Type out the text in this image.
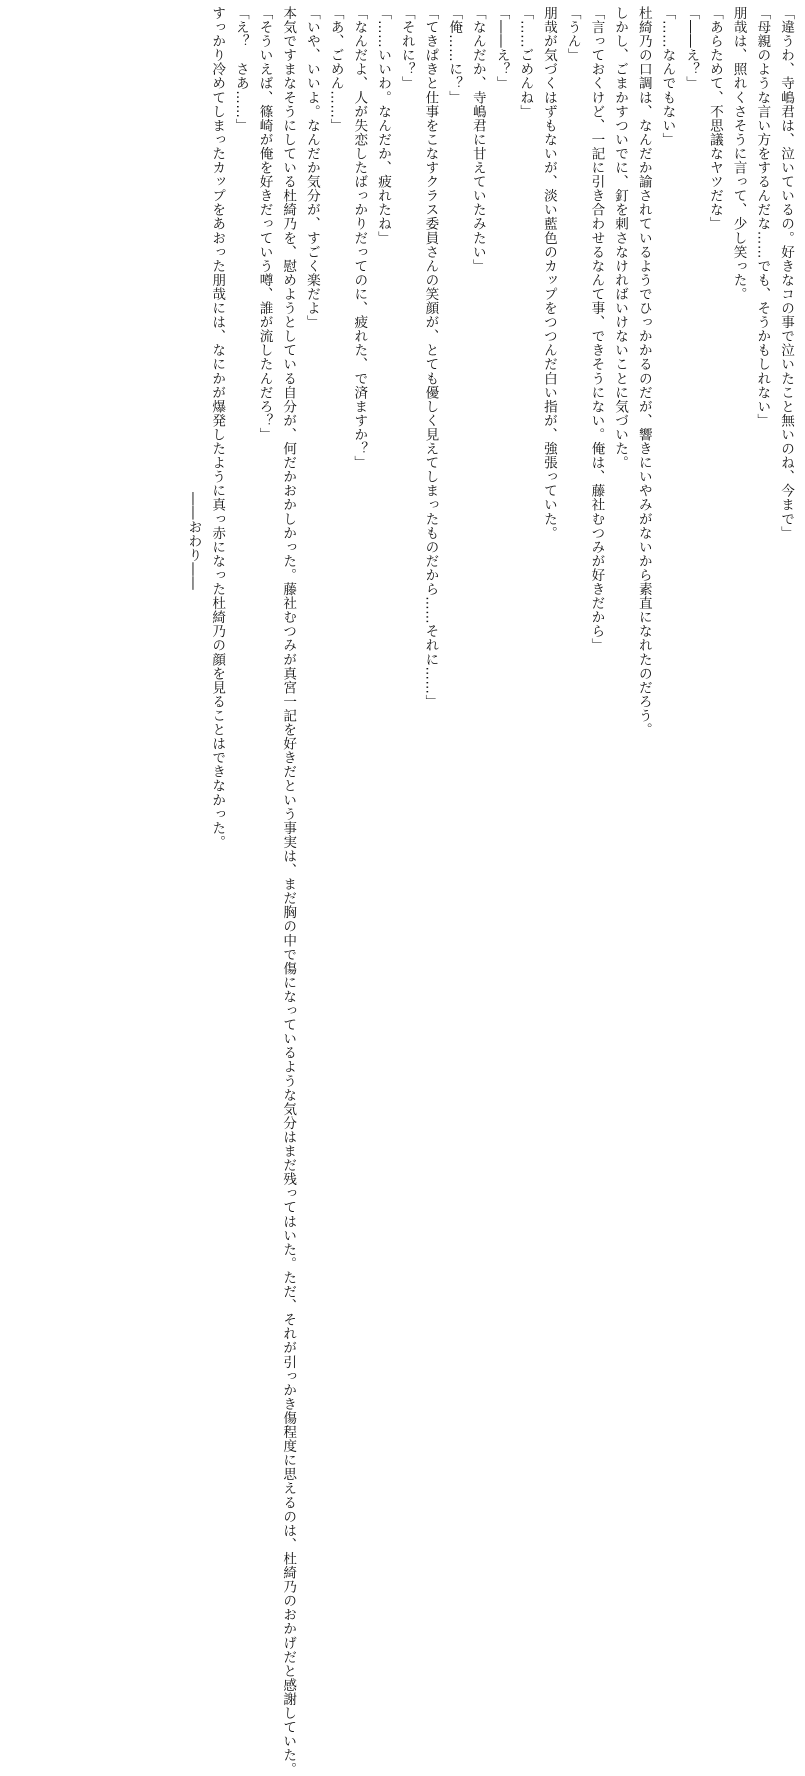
「違うわ、寺嶋君は、泣いているの。好きなコの事で泣いたこと無いのね、今まで」
「母親のような言い方をするんだな……でも、そうかもしれない」
朋哉は、照れくさそうに言って、少し笑った。
「あらためて、不思議なヤツだな」
「――え？」
「……なんでもない」
杜綺乃の口調は、なんだか諭されているようでひっかかるのだが、響きにいやみがないから素直になれたのだろう。
しかし、ごまかすついでに、釘を刺さなければいけないことに気づいた。
「言っておくけど、一記に引き合わせるなんて事、できそうにない。俺は、藤社むつみが好きだから」
「うん」
朋哉が気づくはずもないが、淡い藍色のカップをつつんだ白い指が、強張っていた。
「……ごめんね」
「――え？」
「なんだか、寺嶋君に甘えていたみたい」
「俺……に？」
「てきぱきと仕事をこなすクラス委員さんの笑顔が、とても優しく見えてしまったものだから……それに……」
「それに？」
「……いいわ。なんだか、疲れたね」
「なんだよ、人が失恋したばっかりだってのに、疲れた、で済ますか？」
「あ、ごめん……」
「いや、いいよ。なんだか気分が、すごく楽だよ」
本気ですまなそうにしている杜綺乃を、慰めようとしている自分が、何だかおかしかった。藤社むつみが真宮一記を好きだという事実は、まだ胸の中で傷になっているような気分はまだ残ってはいた。ただ、それが引っかき傷程度に思えるのは、杜綺乃のおかげだと感謝していた。
「そういえば、篠崎が俺を好きだっていう噂、誰が流したんだろ？」
「え？　さあ……」
すっかり冷めてしまったカップをあおった朋哉には、なにかが爆発したように真っ赤になった杜綺乃の顔を見ることはできなかった。
――おわり――
